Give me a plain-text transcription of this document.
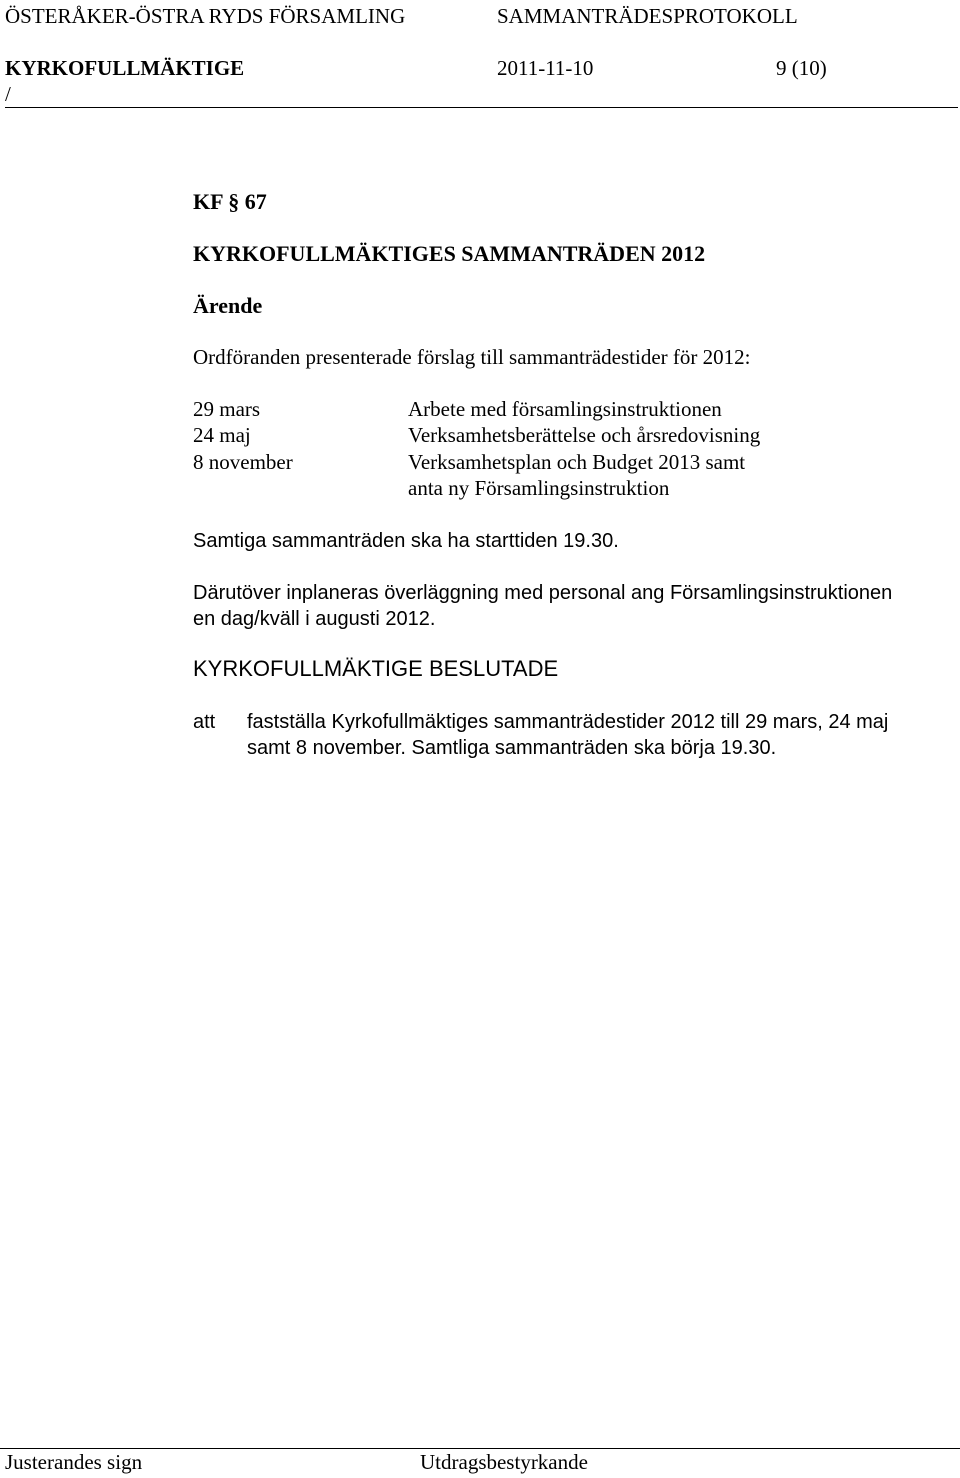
ÖSTERÅKER-ÖSTRA RYDS FÖRSAMLING	SAMMANTRÄDESPROTOKOLL
KYRKOFULLMÄKTIGE	2011-11-10	9 (10)
/
KF § 67
KYRKOFULLMÄKTIGES SAMMANTRÄDEN 2012
Ärende
Ordföranden presenterade förslag till sammanträdestider för 2012:
29 mars	Arbete med församlingsinstruktionen
24 maj	Verksamhetsberättelse och årsredovisning
8 november	Verksamhetsplan och Budget 2013 samt
anta ny Församlingsinstruktion
Samtiga sammanträden ska ha starttiden 19.30.
Därutöver inplaneras överläggning med personal ang Församlingsinstruktionen
en dag/kväll i augusti 2012.
KYRKOFULLMÄKTIGE BESLUTADE
att fastställa Kyrkofullmäktiges sammanträdestider 2012 till 29 mars, 24 maj
samt 8 november. Samtliga sammanträden ska börja 19.30.
Justerandes sign	Utdragsbestyrkande
